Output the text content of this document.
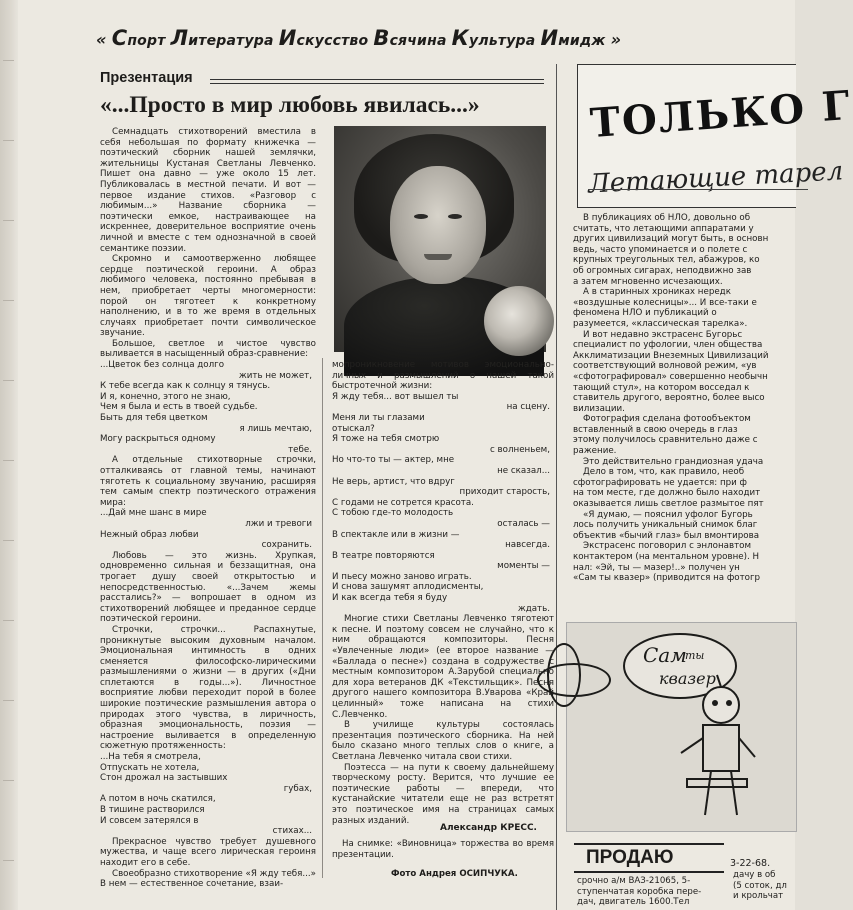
« Спорт Литература Искусство Всячина Культура Имидж »
Презентация
«...Просто в мир любовь явилась...»
Семнадцать стихотворений вместила в себя небольшая по формату книжечка — поэтический сборник нашей землячки, жительницы Кустаная Светланы Левченко. Пишет она давно — уже около 15 лет. Публиковалась в местной печати. И вот — первое издание стихов. «Разговор с любимым...» Название сборника — поэтически емкое, настраивающее на искреннее, доверительное восприятие очень личной и вместе с тем однозначной в своей семантике поэзии.
Скромно и самоотверженно любящее сердце поэтической героини. А образ любимого человека, постоянно пребывая в нем, приобретает черты многомерности: порой он тяготеет к конкретному наполнению, и в то же время в отдельных случаях приобретает почти символическое звучание.
Большое, светлое и чистое чувство выливается в насыщенный образ-сравнение:
...Цветок без солнца долго
жить не может,
К тебе всегда как к солнцу я тянусь.
И я, конечно, этого не знаю,
Чем я была и есть в твоей судьбе.
Быть для тебя цветком
я лишь мечтаю,
Могу раскрыться одному
тебе.
А отдельные стихотворные строчки, отталкиваясь от главной темы, начинают тяготеть к социальному звучанию, расширяя тем самым спектр поэтического отражения мира:
...Дай мне шанс в мире
лжи и тревоги
Нежный образ любви
сохранить.
Любовь — это жизнь. Хрупкая, одновременно сильная и беззащитная, она трогает душу своей открытостью и непосредственностью. «...Зачем жемы расстались?» — вопрошает в одном из стихотворений любящее и преданное сердце поэтической героини.
Строчки, строчки... Распахнутые, проникнутые высоким духовным началом. Эмоциональная интимность в одних сменяется философско-лирическими размышлениями о жизни — в других («Дни сплетаются в годы...»). Личностное восприятие любви переходит порой в более широкие поэтические размышления автора о природах этого чувства, в лиричность, образная эмоциональность, поэзия — настроение выливается в определенную сюжетную протяженность:
...На тебя я смотрела,
Отпускать не хотела,
Стон дрожал на застывших
губах,
А потом в ночь скатился,
В тишине растворился
И совсем затерялся в
стихах...
Прекрасное чувство требует душевного мужества, и чаще всего лирическая героиня находит его в себе.
Своеобразно стихотворение «Я жду тебя...» В нем — естественное сочетание, взаи-
мопроникновение мотивов эмоционально-личных и размышлений о нашей такой быстротечной жизни:
Я жду тебя... вот вышел ты
на сцену.
Меня ли ты глазами
отыскал?
Я тоже на тебя смотрю
с волненьем,
Но что-то ты — актер, мне
не сказал...
Не верь, артист, что вдруг
приходит старость,
С годами не сотрется красота.
С тобою где-то молодость
осталась —
В спектакле или в жизни —
навсегда.
В театре повторяются
моменты —
И пьесу можно заново играть.
И снова зашумят аплодисменты,
И как всегда тебя я буду
ждать.
Многие стихи Светланы Левченко тяготеют к песне. И поэтому совсем не случайно, что к ним обращаются композиторы. Песня «Увлеченные люди» (ее второе название — «Баллада о песне») создана в содружестве с местным композитором А.Зарубой специально для хора ветеранов ДК «Текстильщик». Песня другого нашего композитора В.Уварова «Край целинный» тоже написана на стихи С.Левченко.
В училище культуры состоялась презентация поэтического сборника. На ней было сказано много теплых слов о книге, а Светлана Левченко читала свои стихи.
Поэтесса — на пути к своему дальнейшему творческому росту. Верится, что лучшие ее поэтические работы — впереди, что кустанайские читатели еще не раз встретят это поэтическое имя на страницах самых разных изданий.
Александр КРЕСС.
На снимке: «Виновница» торжества во время презентации.
Фото Андрея ОСИПЧУКА.
ТОЛЬКО Г
Летающие тарел
В публикациях об НЛО, довольно об
считать, что летающими аппаратами у
других цивилизаций могут быть, в основн
ведь, часто упоминается и о полете с
крупных треугольных тел, абажуров, ко
об огромных сигарах, неподвижно зав
а затем мгновенно исчезающих.
А в старинных хрониках нередк
«воздушные колесницы»... И все-таки е
феномена НЛО и публикаций о
разумеется, «классическая тарелка».
И вот недавно экстрасенс Бугорьс
специалист по уфологии, член общества
Акклиматизации Внеземных Цивилизаций
соответствующий волновой режим, «ув
«сфотографировал» совершенно необычн
тающий стул», на котором восседал к
ставитель другого, вероятно, более высо
вилизации.
Фотография сделана фотообъектом
вставленный в свою очередь в глаз
этому получилось сравнительно даже с
ражение.
Это действительно грандиозная удача
Дело в том, что, как правило, необ
сфотографировать не удается: при ф
на том месте, где должно было находит
оказывается лишь светлое размытое пят
«Я думаю, — пояснил уфолог Бугорь
лось получить уникальный снимок благ
объектив «бычий глаз» был вмонтирова
Экстрасенс поговорил с энлонавтом
контактером (на ментальном уровне). Н
нал: «Эй, ты — мазер!..» получен ун
«Сам ты квазер» (приводится на фотогр
Сам
ты
квазер
ПРОДАЮ	3-22-68.
срочно а/м ВАЗ-21065, 5-
ступенчатая коробка пере-
дач, двигатель 1600.Тел
дачу в об
(5 соток, дл
и крольчат
